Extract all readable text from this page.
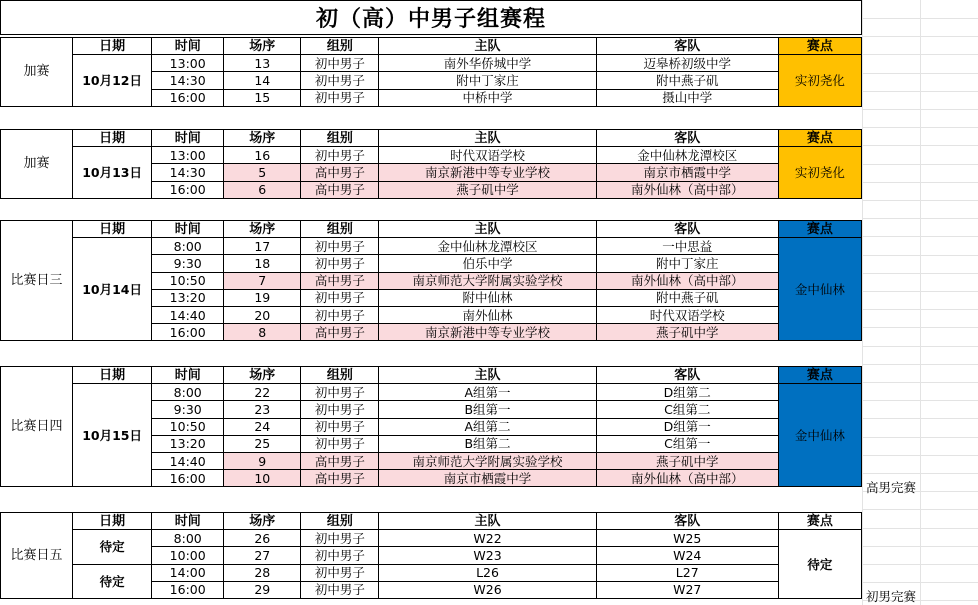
初（高）中男子组赛程
加赛	日期	时间	场序	组别	主队	客队	赛点
	10月12日	13:00	13	初中男子	南外华侨城中学	迈皋桥初级中学	实初尧化
		14:30	14	初中男子	附中丁家庄	附中燕子矶	
		16:00	15	初中男子	中桥中学	摄山中学	
加赛	日期	时间	场序	组别	主队	客队	赛点
	10月13日	13:00	16	初中男子	时代双语学校	金中仙林龙潭校区	实初尧化
		14:30	5	高中男子	南京新港中等专业学校	南京市栖霞中学	
		16:00	6	高中男子	燕子矶中学	南外仙林（高中部）	
比赛日三	日期	时间	场序	组别	主队	客队	赛点
	10月14日	8:00	17	初中男子	金中仙林龙潭校区	一中思益	金中仙林
		9:30	18	初中男子	伯乐中学	附中丁家庄	
		10:50	7	高中男子	南京师范大学附属实验学校	南外仙林（高中部）	
		13:20	19	初中男子	附中仙林	附中燕子矶	
		14:40	20	初中男子	南外仙林	时代双语学校	
		16:00	8	高中男子	南京新港中等专业学校	燕子矶中学	
比赛日四	日期	时间	场序	组别	主队	客队	赛点
	10月15日	8:00	22	初中男子	A组第一	D组第二	金中仙林
		9:30	23	初中男子	B组第一	C组第二	
		10:50	24	初中男子	A组第二	D组第一	
		13:20	25	初中男子	B组第二	C组第一	
		14:40	9	高中男子	南京师范大学附属实验学校	燕子矶中学	
		16:00	10	高中男子	南京市栖霞中学	南外仙林（高中部）	
比赛日五	日期	时间	场序	组别	主队	客队	赛点
	待定	8:00	26	初中男子	W22	W25	待定
		10:00	27	初中男子	W23	W24	
	待定	14:00	28	初中男子	L26	L27	
		16:00	29	初中男子	W26	W27	
高男完赛
初男完赛
